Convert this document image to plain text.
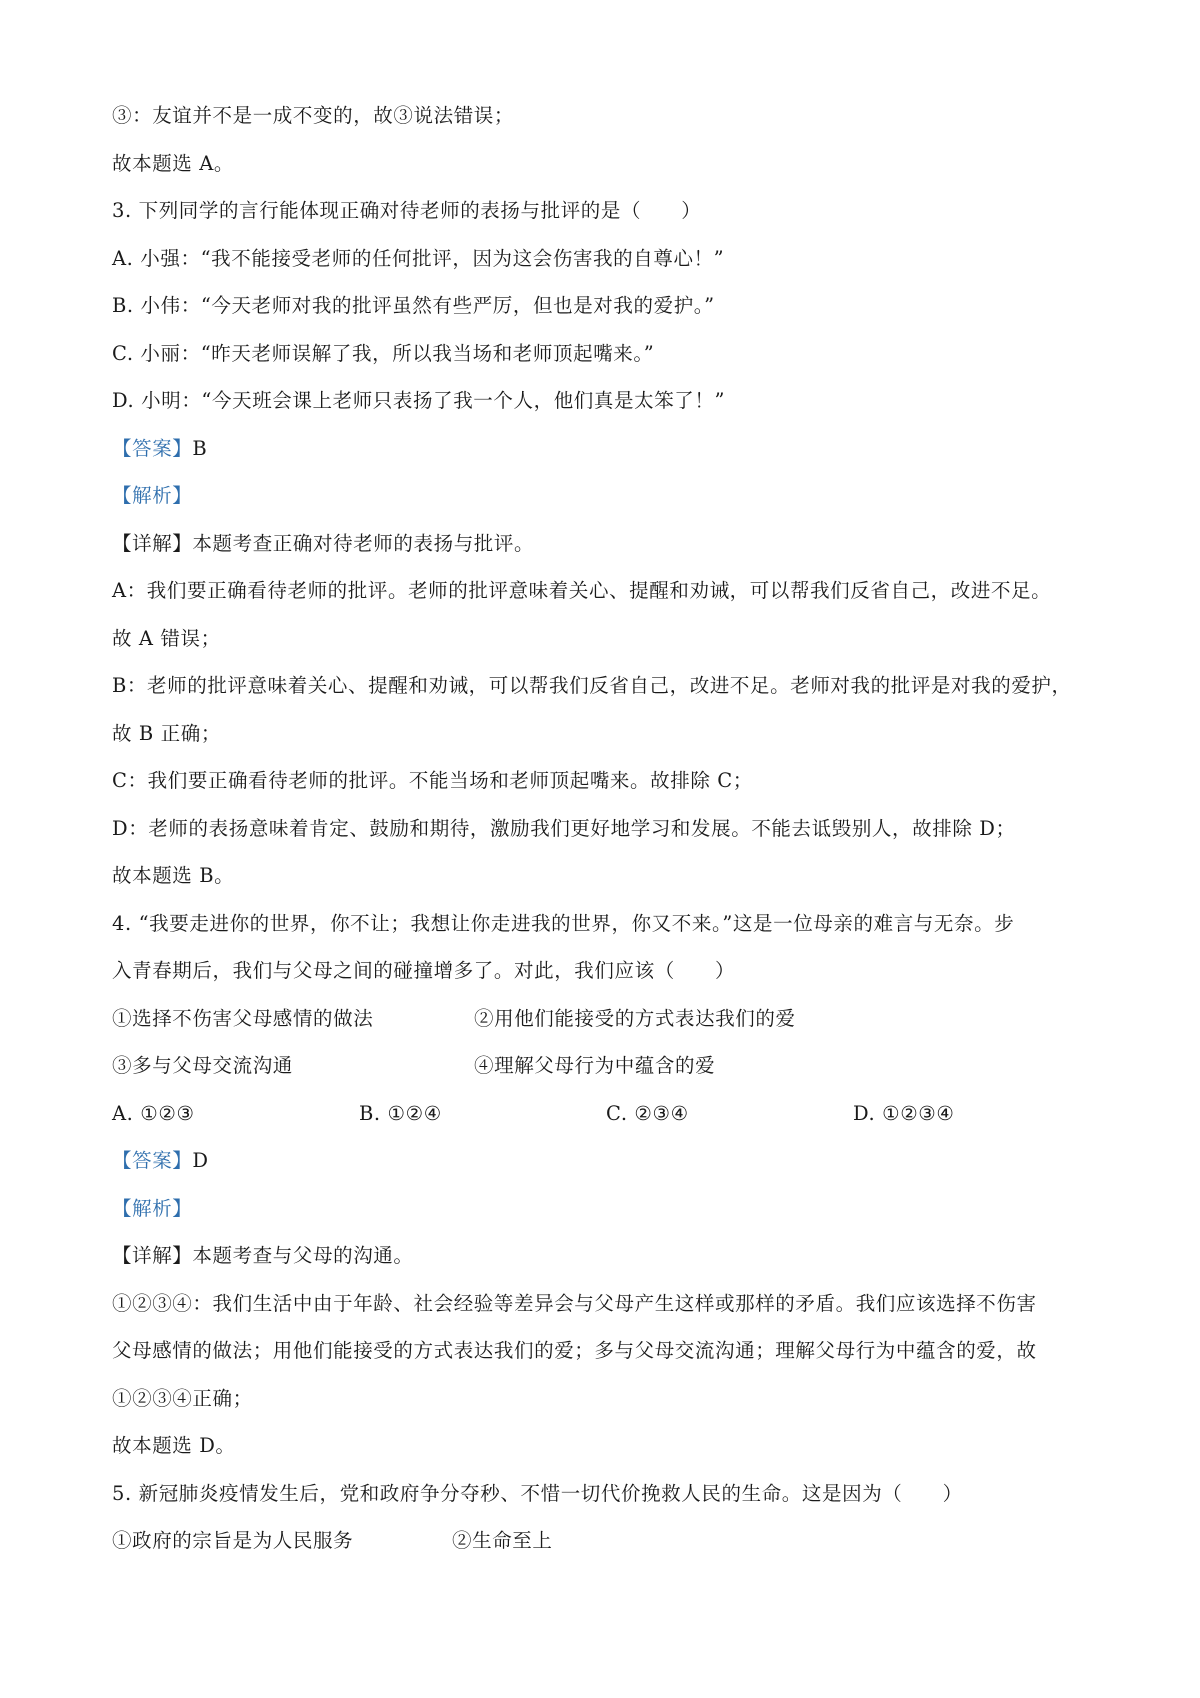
③：友谊并不是一成不变的，故③说法错误；
故本题选 A。
3. 下列同学的言行能体现正确对待老师的表扬与批评的是（　　）
A. 小强：“我不能接受老师的任何批评，因为这会伤害我的自尊心！”
B. 小伟：“今天老师对我的批评虽然有些严厉，但也是对我的爱护。”
C. 小丽：“昨天老师误解了我，所以我当场和老师顶起嘴来。”
D. 小明：“今天班会课上老师只表扬了我一个人，他们真是太笨了！”
【答案】B
【解析】
【详解】本题考查正确对待老师的表扬与批评。
A：我们要正确看待老师的批评。老师的批评意味着关心、提醒和劝诫，可以帮我们反省自己，改进不足。
故 A 错误；
B：老师的批评意味着关心、提醒和劝诫，可以帮我们反省自己，改进不足。老师对我的批评是对我的爱护，
故 B 正确；
C：我们要正确看待老师的批评。不能当场和老师顶起嘴来。故排除 C；
D：老师的表扬意味着肯定、鼓励和期待，激励我们更好地学习和发展。不能去诋毁别人，故排除 D；
故本题选 B。
4. “我要走进你的世界，你不让；我想让你走进我的世界，你又不来。”这是一位母亲的难言与无奈。步
入青春期后，我们与父母之间的碰撞增多了。对此，我们应该（　　）
①选择不伤害父母感情的做法	②用他们能接受的方式表达我们的爱
③多与父母交流沟通	④理解父母行为中蕴含的爱
A. ①②③	B. ①②④	C. ②③④	D. ①②③④
【答案】D
【解析】
【详解】本题考查与父母的沟通。
①②③④：我们生活中由于年龄、社会经验等差异会与父母产生这样或那样的矛盾。我们应该选择不伤害
父母感情的做法；用他们能接受的方式表达我们的爱；多与父母交流沟通；理解父母行为中蕴含的爱，故
①②③④正确；
故本题选 D。
5. 新冠肺炎疫情发生后，党和政府争分夺秒、不惜一切代价挽救人民的生命。这是因为（　　）
①政府的宗旨是为人民服务	②生命至上
